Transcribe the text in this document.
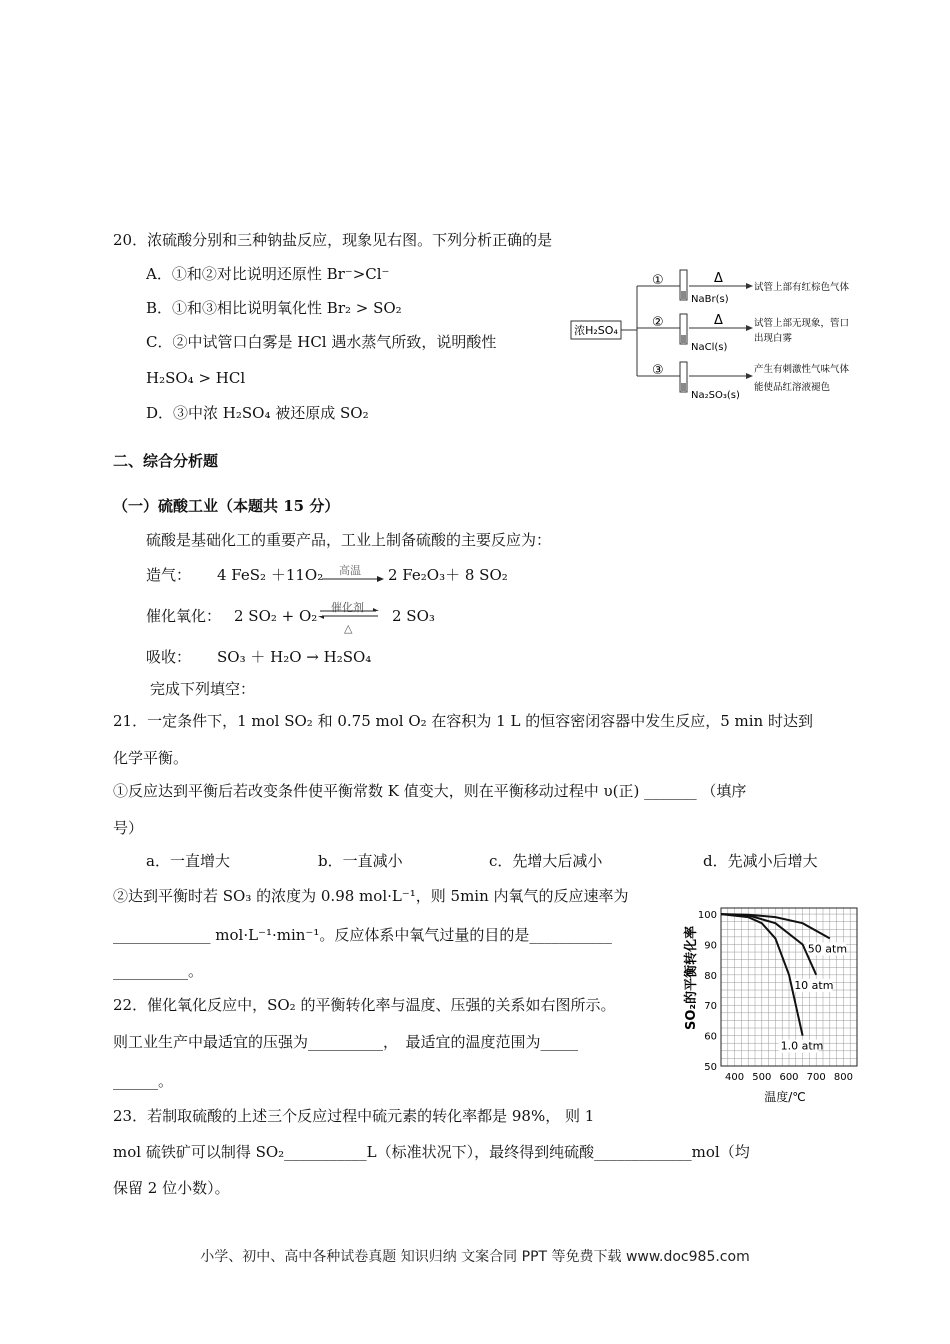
20．浓硫酸分别和三种钠盐反应，现象见右图。下列分析正确的是
A．①和②对比说明还原性 Br⁻>Cl⁻
B．①和③相比说明氧化性 Br₂ > SO₂
C．②中试管口白雾是 HCl 遇水蒸气所致，说明酸性
H₂SO₄ > HCl
D．③中浓 H₂SO₄ 被还原成 SO₂
浓H₂SO₄
①
NaBr(s)
Δ
试管上部有红棕色气体
②
NaCl(s)
Δ	试管上部无现象，管口
出现白雾
③
Na₂SO₃(s)
产生有刺激性气味气体
能使品红溶液褪色
二、综合分析题
（一）硫酸工业（本题共 15 分）
硫酸是基础化工的重要产品，工业上制备硫酸的主要反应为：
造气： 4 FeS₂ ＋11O₂ 高温 → 2 Fe₂O₃＋ 8 SO₂
催化氧化： 2 SO₂ + O₂ 催化剂
△
2 SO₃
吸收： SO₃ ＋ H₂O → H₂SO₄
完成下列填空：
21．一定条件下，1 mol SO₂ 和 0.75 mol O₂ 在容积为 1 L 的恒容密闭容器中发生反应，5 min 时达到
化学平衡。
①反应达到平衡后若改变条件使平衡常数 K 值变大，则在平衡移动过程中 υ(正) _______ （填序
号）
a．一直增大	b．一直减小	c．先增大后减小	d．先减小后增大
②达到平衡时若 SO₃ 的浓度为 0.98 mol·L⁻¹，则 5min 内氧气的反应速率为
_____________ mol·L⁻¹·min⁻¹。反应体系中氧气过量的目的是___________
__________。
22．催化氧化反应中，SO₂ 的平衡转化率与温度、压强的关系如右图所示。
则工业生产中最适宜的压强为__________，　最适宜的温度范围为_____
______。
23．若制取硫酸的上述三个反应过程中硫元素的转化率都是 98%， 则 1
mol 硫铁矿可以制得 SO₂___________L（标准状况下），最终得到纯硫酸_____________mol（均
保留 2 位小数）。
400 500 600 700 800
50
60
70
80
90
100
50 atm
10 atm
1.0 atm
SO₂的平衡转化率
温度/℃
小学、初中、高中各种试卷真题 知识归纳 文案合同 PPT 等免费下载 www.doc985.com
